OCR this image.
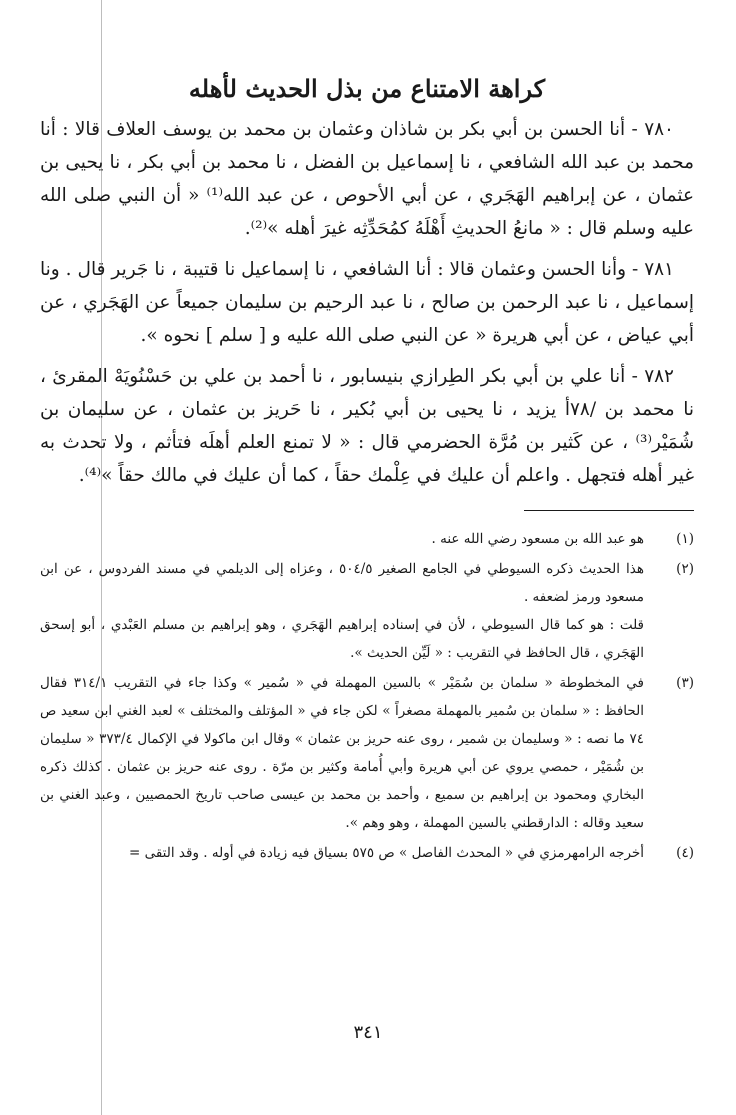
كراهة الامتناع من بذل الحديث لأهله

٧٨٠ - أنا الحسن بن أبي بكر بن شاذان وعثمان بن محمد بن يوسف العلاف قالا : أنا محمد بن عبد الله الشافعي ، نا إسماعيل بن الفضل ، نا محمد بن أبي بكر ، نا يحيى بن عثمان ، عن إبراهيم الهَجَري ، عن أبي الأحوص ، عن عبد الله⁽¹⁾ « أن النبي صلى الله عليه وسلم قال : « مانعُ الحديثِ أَهْلَهُ كمُحَدِّثِه غيرَ أهله »⁽²⁾.

٧٨١ - وأنا الحسن وعثمان قالا : أنا الشافعي ، نا إسماعيل نا قتيبة ، نا جَرير قال . ونا إسماعيل ، نا عبد الرحمن بن صالح ، نا عبد الرحيم بن سليمان جميعاً عن الهَجَري ، عن أبي عياض ، عن أبي هريرة « عن النبي صلى الله عليه و [ سلم ] نحوه ».

٧٨٢ - أنا علي بن أبي بكر الطِرازي بنيسابور ، نا أحمد بن علي بن حَسْنُويَهْ المقرئ ، نا محمد بن /٧٨أ يزيد ، نا يحيى بن أبي بُكير ، نا حَريز بن عثمان ، عن سليمان بن شُمَيْر⁽³⁾ ، عن كَثير بن مُرَّة الحضرمي قال : « لا تمنع العلم أهلَه فتأثم ، ولا تحدث به غير أهله فتجهل . واعلم أن عليك في عِلْمك حقاً ، كما أن عليك في مالك حقاً »⁽⁴⁾.

(١)

هو عبد الله بن مسعود رضي الله عنه .

(٢)

هذا الحديث ذكره السيوطي في الجامع الصغير ٥٠٤/٥ ، وعزاه إلى الديلمي في مسند الفردوس ، عن ابن مسعود ورمز لضعفه .

قلت : هو كما قال السيوطي ، لأن في إسناده إبراهيم الهَجَري ، وهو إبراهيم بن مسلم العَبْدي ، أبو إسحق الهَجَري ، قال الحافظ في التقريب : « لَيِّن الحديث ».

(٣)

في المخطوطة « سلمان بن سُمَيْر » بالسين المهملة في « سُمير » وكذا جاء في التقريب ٣١٤/١ فقال الحافظ : « سلمان بن سُمير بالمهملة مصغراً » لكن جاء في « المؤتلف والمختلف » لعبد الغني ابن سعيد ص ٧٤ ما نصه : « وسليمان بن شمير ، روى عنه حريز بن عثمان » وقال ابن ماكولا في الإكمال ٣٧٣/٤ « سليمان بن شُمَيْر ، حمصي يروي عن أبي هريرة وأبي أُمامة وكثير بن مرّة . روى عنه حريز بن عثمان . كذلك ذكره البخاري ومحمود بن إبراهيم بن سميع ، وأحمد بن محمد بن عيسى صاحب تاريخ الحمصيين ، وعبد الغني بن سعيد وقاله : الدارقطني بالسين المهملة ، وهو وهم ».

(٤)

أخرجه الرامهرمزي في « المحدث الفاصل » ص ٥٧٥ بسياق فيه زيادة في أوله . وقد التقى =

٣٤١
